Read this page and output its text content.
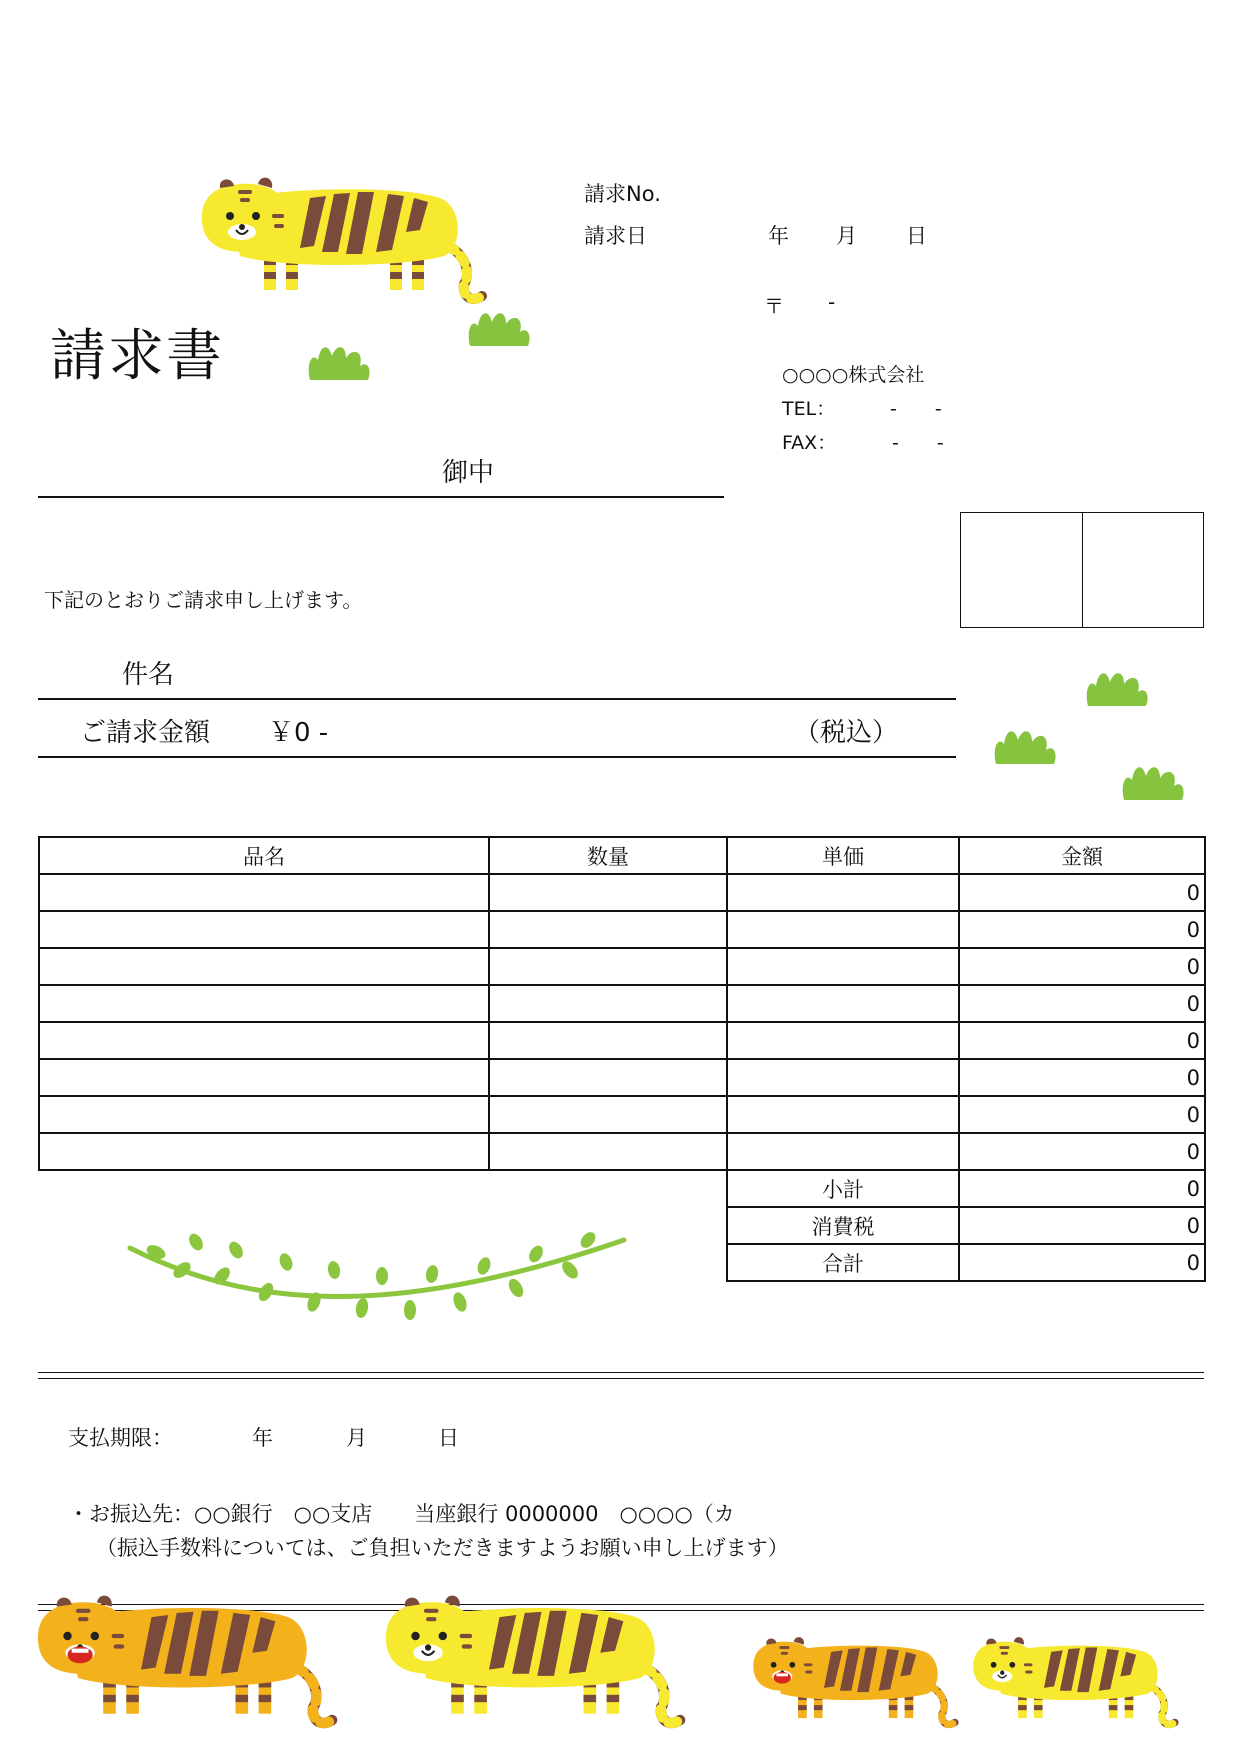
請求書
請求No.
請求日	年 月 日
〒 -
○○○○株式会社
TEL：	-　　-
FAX：	-　　-
御中
下記のとおりご請求申し上げます。
件名
ご請求金額 ￥0 -	（税込）
品名	数量	単価	金額
			0
			0
			0
			0
			0
			0
			0
			0
		小計	0
		消費税	0
		合計	0
支払期限：	年	月	日
・お振込先：○○銀行　○○支店　　当座銀行 0000000　○○○○（カ
（振込手数料については、ご負担いただきますようお願い申し上げます）
